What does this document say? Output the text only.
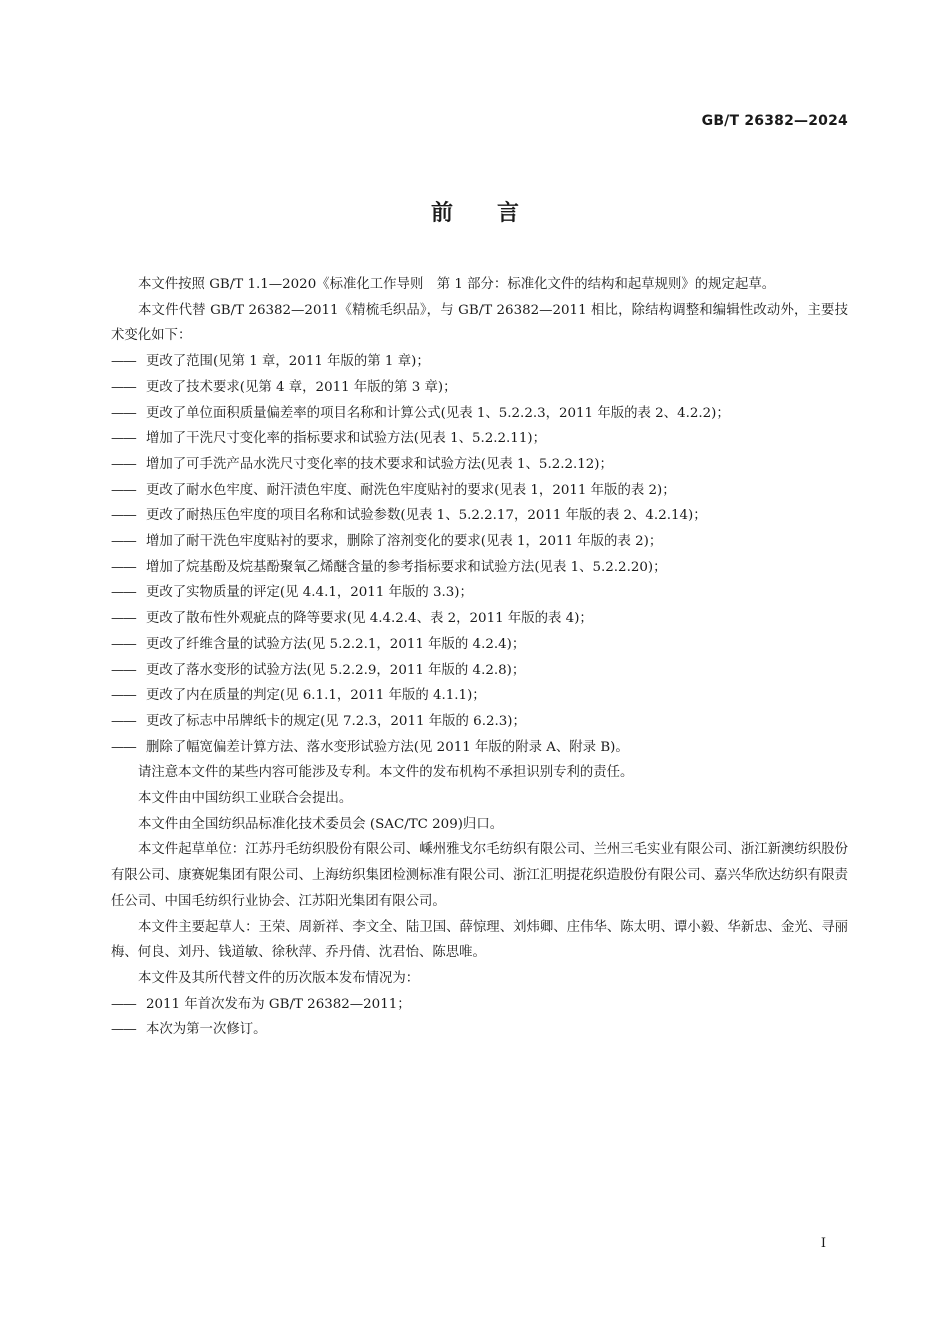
GB/T 26382—2024
前言

本文件按照 GB/T 1.1—2020《标准化工作导则　第 1 部分：标准化文件的结构和起草规则》的规定起草。

本文件代替 GB/T 26382—2011《精梳毛织品》，与 GB/T 26382—2011 相比，除结构调整和编辑性改动外，主要技术变化如下：

—— 更改了范围(见第 1 章，2011 年版的第 1 章)；

—— 更改了技术要求(见第 4 章，2011 年版的第 3 章)；

—— 更改了单位面积质量偏差率的项目名称和计算公式(见表 1、5.2.2.3，2011 年版的表 2、4.2.2)；

—— 增加了干洗尺寸变化率的指标要求和试验方法(见表 1、5.2.2.11)；

—— 增加了可手洗产品水洗尺寸变化率的技术要求和试验方法(见表 1、5.2.2.12)；

—— 更改了耐水色牢度、耐汗渍色牢度、耐洗色牢度贴衬的要求(见表 1，2011 年版的表 2)；

—— 更改了耐热压色牢度的项目名称和试验参数(见表 1、5.2.2.17，2011 年版的表 2、4.2.14)；

—— 增加了耐干洗色牢度贴衬的要求，删除了溶剂变化的要求(见表 1，2011 年版的表 2)；

—— 增加了烷基酚及烷基酚聚氧乙烯醚含量的参考指标要求和试验方法(见表 1、5.2.2.20)；

—— 更改了实物质量的评定(见 4.4.1，2011 年版的 3.3)；

—— 更改了散布性外观疵点的降等要求(见 4.4.2.4、表 2，2011 年版的表 4)；

—— 更改了纤维含量的试验方法(见 5.2.2.1，2011 年版的 4.2.4)；

—— 更改了落水变形的试验方法(见 5.2.2.9，2011 年版的 4.2.8)；

—— 更改了内在质量的判定(见 6.1.1，2011 年版的 4.1.1)；

—— 更改了标志中吊牌纸卡的规定(见 7.2.3，2011 年版的 6.2.3)；

—— 删除了幅宽偏差计算方法、落水变形试验方法(见 2011 年版的附录 A、附录 B)。

请注意本文件的某些内容可能涉及专利。本文件的发布机构不承担识别专利的责任。

本文件由中国纺织工业联合会提出。

本文件由全国纺织品标准化技术委员会 (SAC/TC 209)归口。

本文件起草单位：江苏丹毛纺织股份有限公司、嵊州雅戈尔毛纺织有限公司、兰州三毛实业有限公司、浙江新澳纺织股份有限公司、康赛妮集团有限公司、上海纺织集团检测标准有限公司、浙江汇明提花织造股份有限公司、嘉兴华欣达纺织有限责任公司、中国毛纺织行业协会、江苏阳光集团有限公司。

本文件主要起草人：王荣、周新祥、李文全、陆卫国、薛惊理、刘炜卿、庄伟华、陈太明、谭小毅、华新忠、金光、寻丽梅、何良、刘丹、钱道敏、徐秋萍、乔丹倩、沈君怡、陈思唯。

本文件及其所代替文件的历次版本发布情况为：

—— 2011 年首次发布为 GB/T 26382—2011；

—— 本次为第一次修订。

I
